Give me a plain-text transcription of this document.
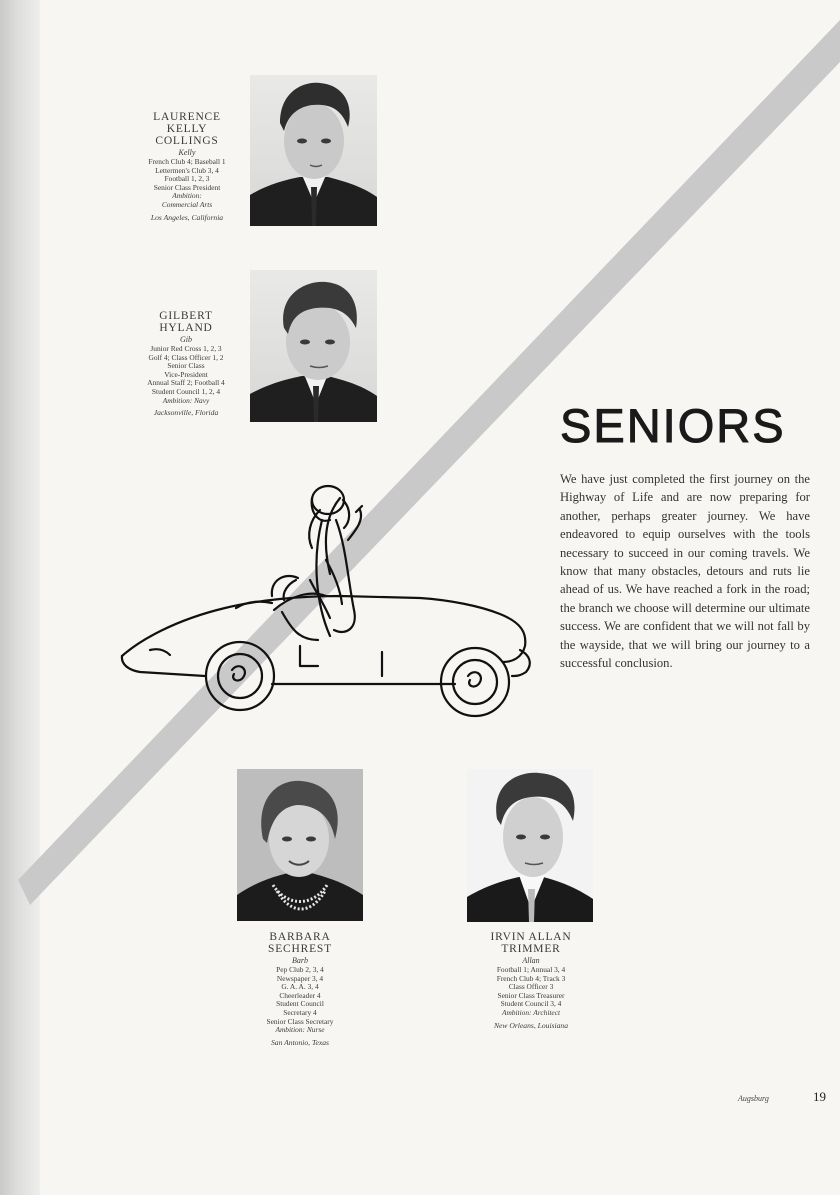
LAURENCE
KELLY
COLLINGS
Kelly
French Club 4; Baseball 1
Lettermen's Club 3, 4
Football 1, 2, 3
Senior Class President
Ambition:
Commercial Arts
Los Angeles, California
GILBERT
HYLAND
Gib
Junior Red Cross 1, 2, 3
Golf 4; Class Officer 1, 2
Senior Class
Vice-President
Annual Staff 2; Football 4
Student Council 1, 2, 4
Ambition: Navy
Jacksonville, Florida	SENIORS

We have just completed the first journey on the Highway of Life and are now preparing for another, perhaps greater journey. We have endeavored to equip ourselves with the tools necessary to succeed in our coming travels. We know that many obstacles, detours and ruts lie ahead of us. We have reached a fork in the road; the branch we choose will determine our ultimate success. We are confident that we will not fall by the wayside, that we will bring our journey to a successful conclusion.

BARBARA
SECHREST
Barb
Pep Club 2, 3, 4
Newspaper 3, 4
G. A. A. 3, 4
Cheerleader 4
Student Council
Secretary 4
Senior Class Secretary
Ambition: Nurse
San Antonio, Texas
IRVIN ALLAN
TRIMMER
Allan
Football 1; Annual 3, 4
French Club 4; Track 3
Class Officer 3
Senior Class Treasurer
Student Council 3, 4
Ambition: Architect
New Orleans, Louisiana
Augsburg	19
